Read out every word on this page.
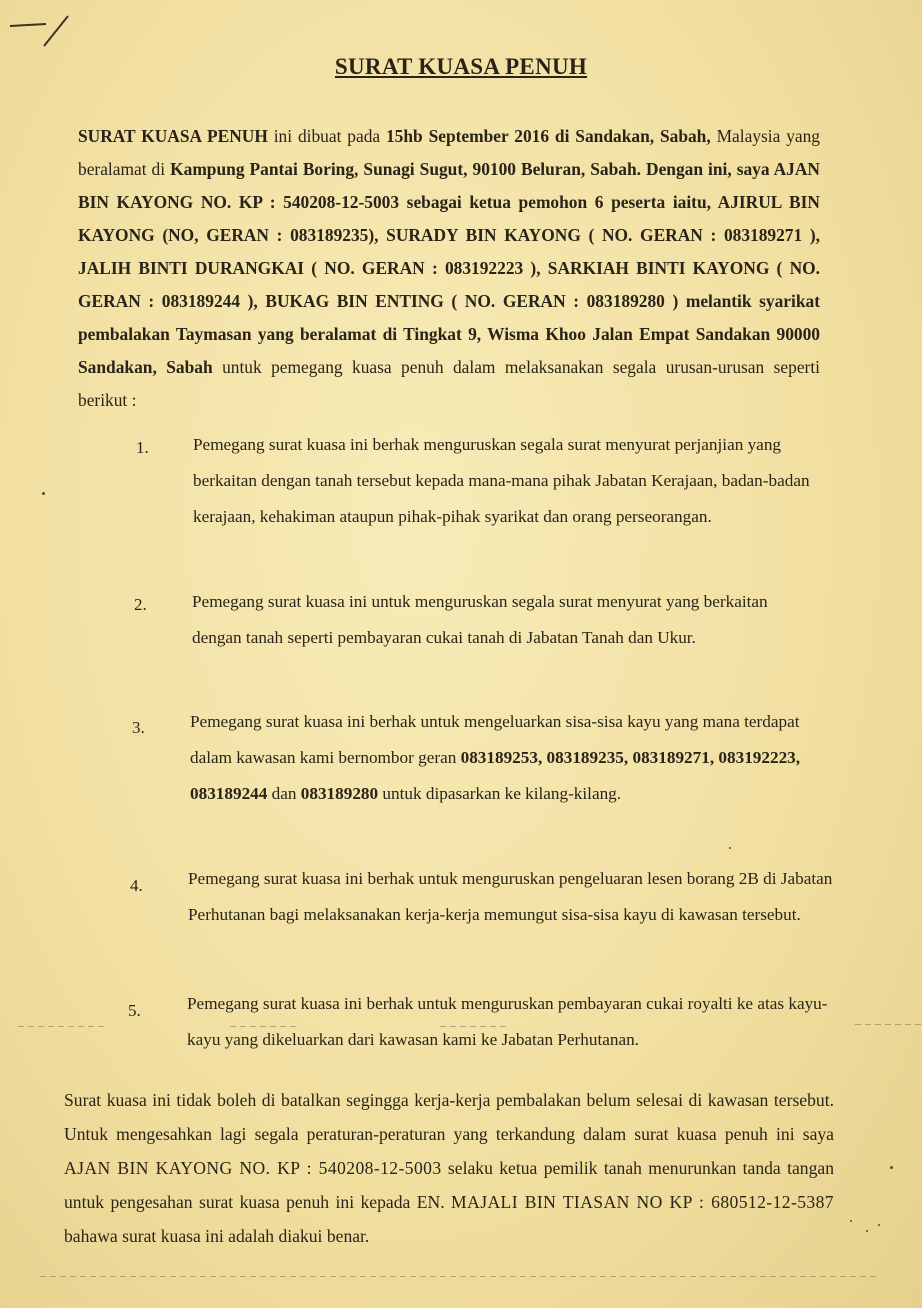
SURAT KUASA PENUH
SURAT KUASA PENUH ini dibuat pada 15hb September 2016 di Sandakan, Sabah, Malaysia yang beralamat di Kampung Pantai Boring, Sunagi Sugut, 90100 Beluran, Sabah. Dengan ini, saya AJAN BIN KAYONG NO. KP : 540208-12-5003 sebagai ketua pemohon 6 peserta iaitu, AJIRUL BIN KAYONG (NO, GERAN : 083189235), SURADY BIN KAYONG ( NO. GERAN : 083189271 ), JALIH BINTI DURANGKAI ( NO. GERAN : 083192223 ), SARKIAH BINTI KAYONG ( NO. GERAN : 083189244 ), BUKAG BIN ENTING ( NO. GERAN : 083189280 ) melantik syarikat pembalakan Taymasan yang beralamat di Tingkat 9, Wisma Khoo Jalan Empat Sandakan 90000 Sandakan, Sabah untuk pemegang kuasa penuh dalam melaksanakan segala urusan-urusan seperti berikut :
1.	Pemegang surat kuasa ini berhak menguruskan segala surat menyurat perjanjian yang berkaitan dengan tanah tersebut kepada mana-mana pihak Jabatan Kerajaan, badan-badan kerajaan, kehakiman ataupun pihak-pihak syarikat dan orang perseorangan.
2.	Pemegang surat kuasa ini untuk menguruskan segala surat menyurat yang berkaitan dengan tanah seperti pembayaran cukai tanah di Jabatan Tanah dan Ukur.
3.	Pemegang surat kuasa ini berhak untuk mengeluarkan sisa-sisa kayu yang mana terdapat dalam kawasan kami bernombor geran 083189253, 083189235, 083189271, 083192223, 083189244 dan 083189280 untuk dipasarkan ke kilang-kilang.
4.	Pemegang surat kuasa ini berhak untuk menguruskan pengeluaran lesen borang 2B di Jabatan Perhutanan bagi melaksanakan kerja-kerja memungut sisa-sisa kayu di kawasan tersebut.
5.	Pemegang surat kuasa ini berhak untuk menguruskan pembayaran cukai royalti ke atas kayu-kayu yang dikeluarkan dari kawasan kami ke Jabatan Perhutanan.
Surat kuasa ini tidak boleh di batalkan segingga kerja-kerja pembalakan belum selesai di kawasan tersebut. Untuk mengesahkan lagi segala peraturan-peraturan yang terkandung dalam surat kuasa penuh ini saya AJAN BIN KAYONG NO. KP : 540208-12-5003 selaku ketua pemilik tanah menurunkan tanda tangan untuk pengesahan surat kuasa penuh ini kepada EN. MAJALI BIN TIASAN NO KP : 680512-12-5387 bahawa surat kuasa ini adalah diakui benar.
